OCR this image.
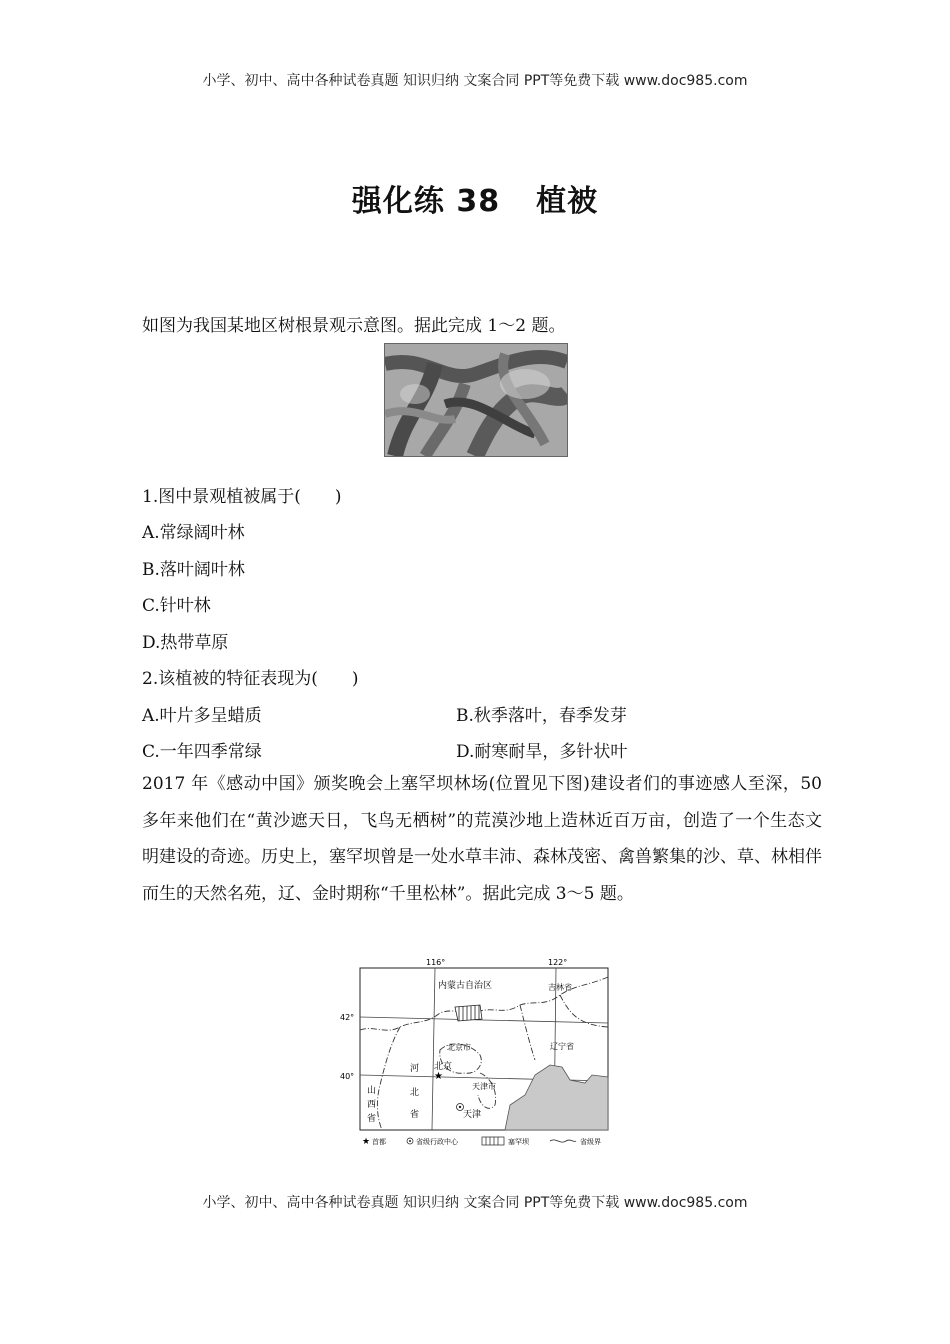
小学、初中、高中各种试卷真题 知识归纳 文案合同 PPT等免费下载 www.doc985.com
强化练 38 植被
如图为我国某地区树根景观示意图。据此完成 1～2 题。
1.图中景观植被属于(　　)
A.常绿阔叶林
B.落叶阔叶林
C.针叶林
D.热带草原
2.该植被的特征表现为(　　)
A.叶片多呈蜡质	B.秋季落叶，春季发芽
C.一年四季常绿	D.耐寒耐旱，多针状叶
2017 年《感动中国》颁奖晚会上塞罕坝林场(位置见下图)建设者们的事迹感人至深，50 多年来他们在“黄沙遮天日，飞鸟无栖树”的荒漠沙地上造林近百万亩，创造了一个生态文明建设的奇迹。历史上，塞罕坝曾是一处水草丰沛、森林茂密、禽兽繁集的沙、草、林相伴而生的天然名苑，辽、金时期称“千里松林”。据此完成 3～5 题。
116°	122°
42°
40°
内蒙古自治区	吉林省
北京市	辽宁省
河
北
省
山
西
省
天津市
★
北京
天津
★ 首都	省级行政中心	塞罕坝	省级界
小学、初中、高中各种试卷真题 知识归纳 文案合同 PPT等免费下载 www.doc985.com
